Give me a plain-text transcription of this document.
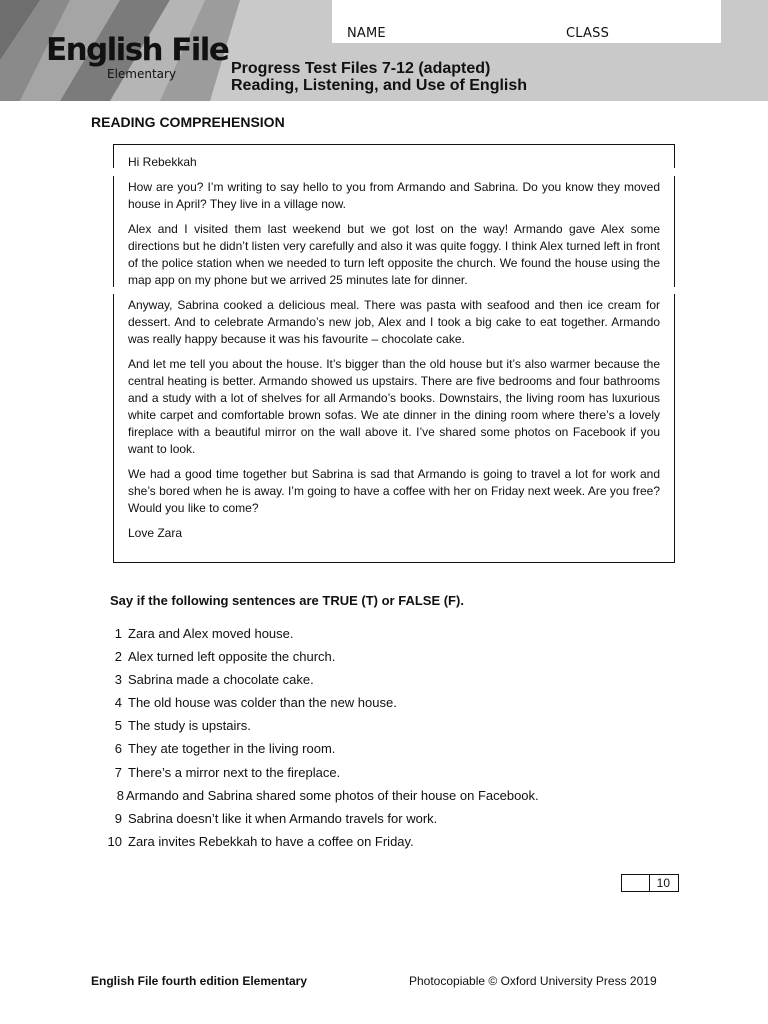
NAME	CLASS
English File
Elementary	Progress Test Files 7-12 (adapted)
Reading, Listening, and Use of English
READING COMPREHENSION

Hi Rebekkah

How are you? I’m writing to say hello to you from Armando and Sabrina. Do you know they moved house in April? They live in a village now.

Alex and I visited them last weekend but we got lost on the way! Armando gave Alex some directions but he didn’t listen very carefully and also it was quite foggy. I think Alex turned left in front of the police station when we needed to turn left opposite the church. We found the house using the map app on my phone but we arrived 25 minutes late for dinner.

Anyway, Sabrina cooked a delicious meal. There was pasta with seafood and then ice cream for dessert. And to celebrate Armando’s new job, Alex and I took a big cake to eat together. Armando was really happy because it was his favourite – chocolate cake.

And let me tell you about the house. It’s bigger than the old house but it’s also warmer because the central heating is better. Armando showed us upstairs. There are five bedrooms and four bathrooms and a study with a lot of shelves for all Armando’s books. Downstairs, the living room has luxurious white carpet and comfortable brown sofas. We ate dinner in the dining room where there’s a lovely fireplace with a beautiful mirror on the wall above it. I’ve shared some photos on Facebook if you want to look.

We had a good time together but Sabrina is sad that Armando is going to travel a lot for work and she’s bored when he is away. I’m going to have a coffee with her on Friday next week. Are you free? Would you like to come?

Love Zara

Say if the following sentences are TRUE (T) or FALSE (F).
1 Zara and Alex moved house.
2 Alex turned left opposite the church.
3 Sabrina made a chocolate cake.
4 The old house was colder than the new house.
5 The study is upstairs.
6 They ate together in the living room.
7 There’s a mirror next to the fireplace.
8 Armando and Sabrina shared some photos of their house on Facebook.
9 Sabrina doesn’t like it when Armando travels for work.
10 Zara invites Rebekkah to have a coffee on Friday.
10
English File fourth edition Elementary	Photocopiable © Oxford University Press 2019
